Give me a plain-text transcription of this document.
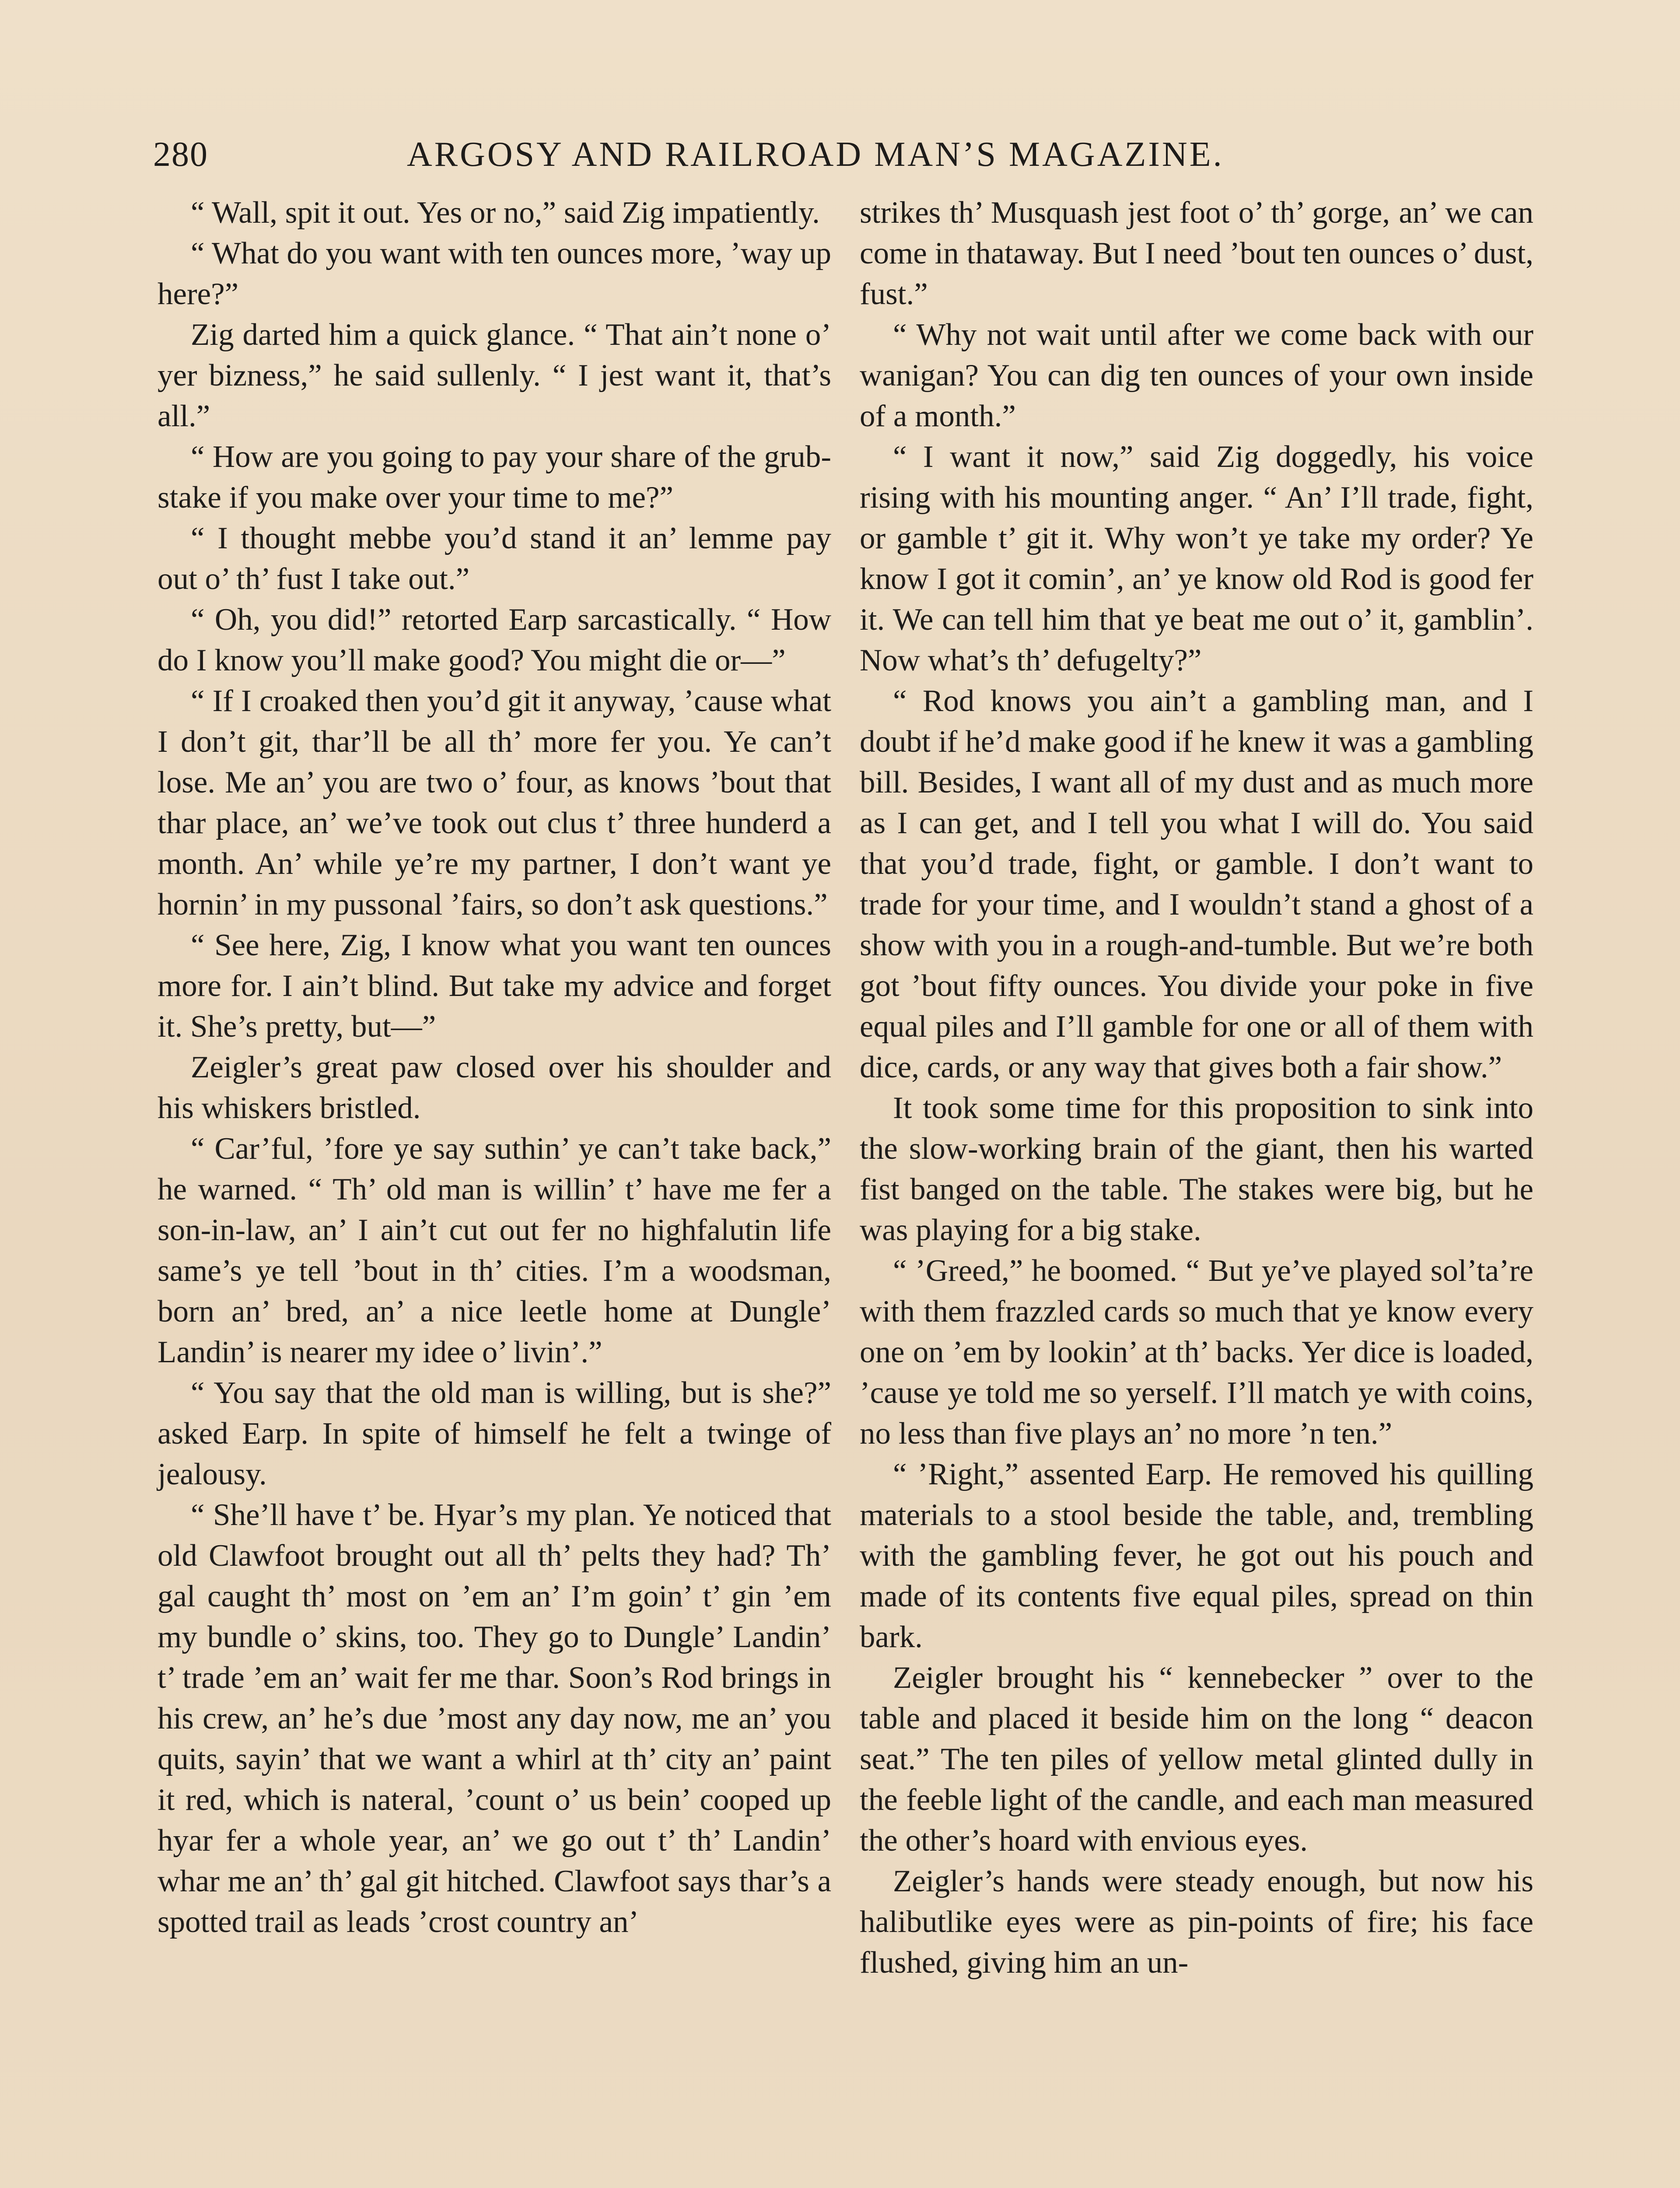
280	ARGOSY AND RAILROAD MAN’S MAGAZINE.

“ Wall, spit it out. Yes or no,” said Zig impatiently.

“ What do you want with ten ounces more, ’way up here?”

Zig darted him a quick glance. “ That ain’t none o’ yer bizness,” he said sullenly. “ I jest want it, that’s all.”

“ How are you going to pay your share of the grub-stake if you make over your time to me?”

“ I thought mebbe you’d stand it an’ lemme pay out o’ th’ fust I take out.”

“ Oh, you did!” retorted Earp sarcastically. “ How do I know you’ll make good? You might die or—”

“ If I croaked then you’d git it anyway, ’cause what I don’t git, thar’ll be all th’ more fer you. Ye can’t lose. Me an’ you are two o’ four, as knows ’bout that thar place, an’ we’ve took out clus t’ three hunderd a month. An’ while ye’re my partner, I don’t want ye hornin’ in my pussonal ’fairs, so don’t ask questions.”

“ See here, Zig, I know what you want ten ounces more for. I ain’t blind. But take my advice and forget it. She’s pretty, but—”

Zeigler’s great paw closed over his shoulder and his whiskers bristled.

“ Car’ful, ’fore ye say suthin’ ye can’t take back,” he warned. “ Th’ old man is willin’ t’ have me fer a son-in-law, an’ I ain’t cut out fer no highfalutin life same’s ye tell ’bout in th’ cities. I’m a woodsman, born an’ bred, an’ a nice leetle home at Dungle’ Landin’ is nearer my idee o’ livin’.”

“ You say that the old man is willing, but is she?” asked Earp. In spite of himself he felt a twinge of jealousy.

“ She’ll have t’ be. Hyar’s my plan. Ye noticed that old Clawfoot brought out all th’ pelts they had? Th’ gal caught th’ most on ’em an’ I’m goin’ t’ gin ’em my bundle o’ skins, too. They go to Dungle’ Landin’ t’ trade ’em an’ wait fer me thar. Soon’s Rod brings in his crew, an’ he’s due ’most any day now, me an’ you quits, sayin’ that we want a whirl at th’ city an’ paint it red, which is nateral, ’count o’ us bein’ cooped up hyar fer a whole year, an’ we go out t’ th’ Landin’ whar me an’ th’ gal git hitched. Clawfoot says thar’s a spotted trail as leads ’crost country an’

strikes th’ Musquash jest foot o’ th’ gorge, an’ we can come in thataway. But I need ’bout ten ounces o’ dust, fust.”

“ Why not wait until after we come back with our wanigan? You can dig ten ounces of your own inside of a month.”

“ I want it now,” said Zig doggedly, his voice rising with his mounting anger. “ An’ I’ll trade, fight, or gamble t’ git it. Why won’t ye take my order? Ye know I got it comin’, an’ ye know old Rod is good fer it. We can tell him that ye beat me out o’ it, gamblin’. Now what’s th’ defugelty?”

“ Rod knows you ain’t a gambling man, and I doubt if he’d make good if he knew it was a gambling bill. Besides, I want all of my dust and as much more as I can get, and I tell you what I will do. You said that you’d trade, fight, or gamble. I don’t want to trade for your time, and I wouldn’t stand a ghost of a show with you in a rough-and-tumble. But we’re both got ’bout fifty ounces. You divide your poke in five equal piles and I’ll gamble for one or all of them with dice, cards, or any way that gives both a fair show.”

It took some time for this proposition to sink into the slow-working brain of the giant, then his warted fist banged on the table. The stakes were big, but he was playing for a big stake.

“ ’Greed,” he boomed. “ But ye’ve played sol’ta’re with them frazzled cards so much that ye know every one on ’em by lookin’ at th’ backs. Yer dice is loaded, ’cause ye told me so yerself. I’ll match ye with coins, no less than five plays an’ no more ’n ten.”

“ ’Right,” assented Earp. He removed his quilling materials to a stool beside the table, and, trembling with the gambling fever, he got out his pouch and made of its contents five equal piles, spread on thin bark.

Zeigler brought his “ kennebecker ” over to the table and placed it beside him on the long “ deacon seat.” The ten piles of yellow metal glinted dully in the feeble light of the candle, and each man measured the other’s hoard with envious eyes.

Zeigler’s hands were steady enough, but now his halibutlike eyes were as pin-points of fire; his face flushed, giving him an un-
